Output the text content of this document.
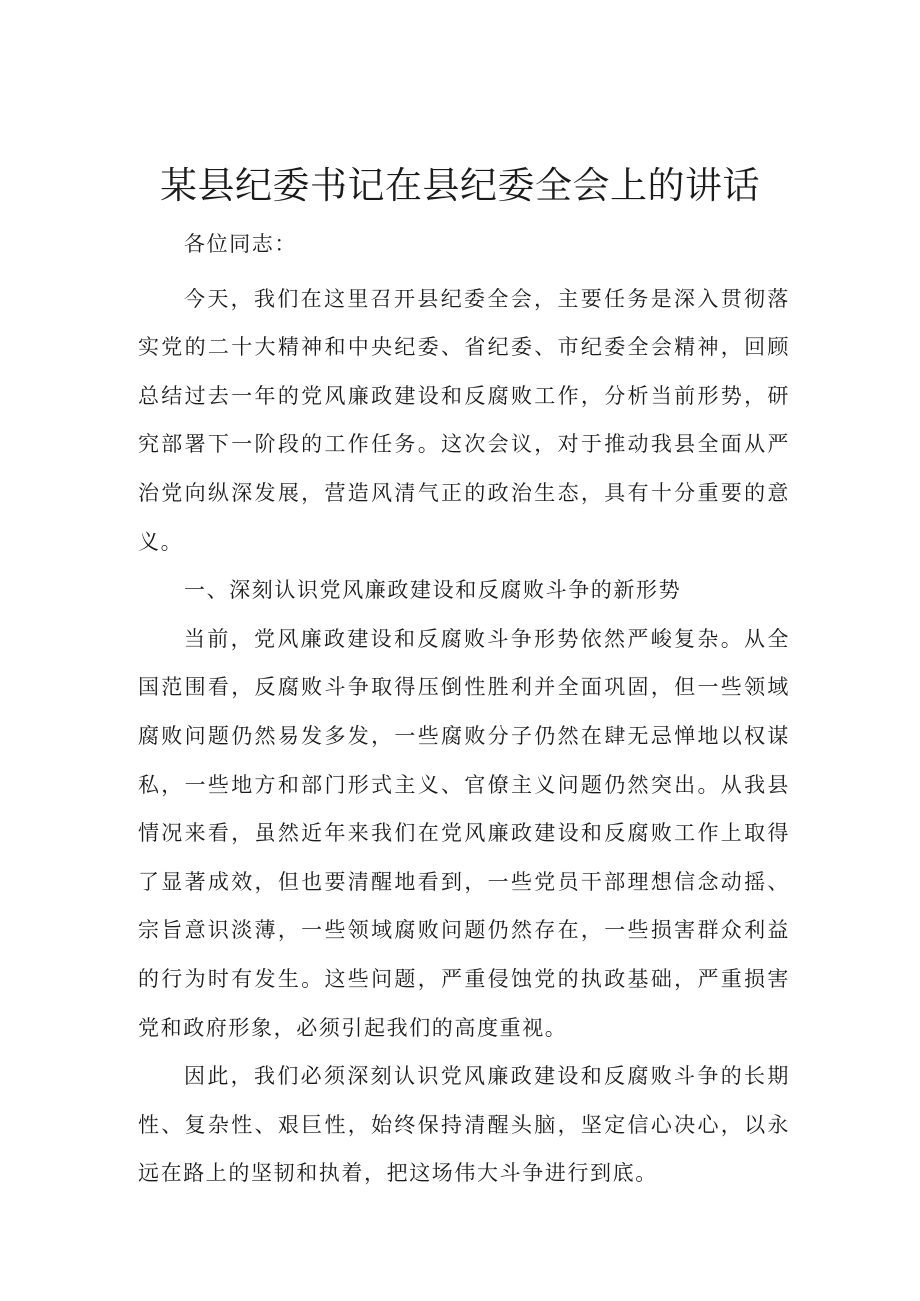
某县纪委书记在县纪委全会上的讲话

各位同志：

今天，我们在这里召开县纪委全会，主要任务是深入贯彻落实党的二十大精神和中央纪委、省纪委、市纪委全会精神，回顾总结过去一年的党风廉政建设和反腐败工作，分析当前形势，研究部署下一阶段的工作任务。这次会议，对于推动我县全面从严治党向纵深发展，营造风清气正的政治生态，具有十分重要的意义。

一、深刻认识党风廉政建设和反腐败斗争的新形势

当前，党风廉政建设和反腐败斗争形势依然严峻复杂。从全国范围看，反腐败斗争取得压倒性胜利并全面巩固，但一些领域腐败问题仍然易发多发，一些腐败分子仍然在肆无忌惮地以权谋私，一些地方和部门形式主义、官僚主义问题仍然突出。从我县情况来看，虽然近年来我们在党风廉政建设和反腐败工作上取得了显著成效，但也要清醒地看到，一些党员干部理想信念动摇、宗旨意识淡薄，一些领域腐败问题仍然存在，一些损害群众利益的行为时有发生。这些问题，严重侵蚀党的执政基础，严重损害党和政府形象，必须引起我们的高度重视。

因此，我们必须深刻认识党风廉政建设和反腐败斗争的长期性、复杂性、艰巨性，始终保持清醒头脑，坚定信心决心，以永远在路上的坚韧和执着，把这场伟大斗争进行到底。
